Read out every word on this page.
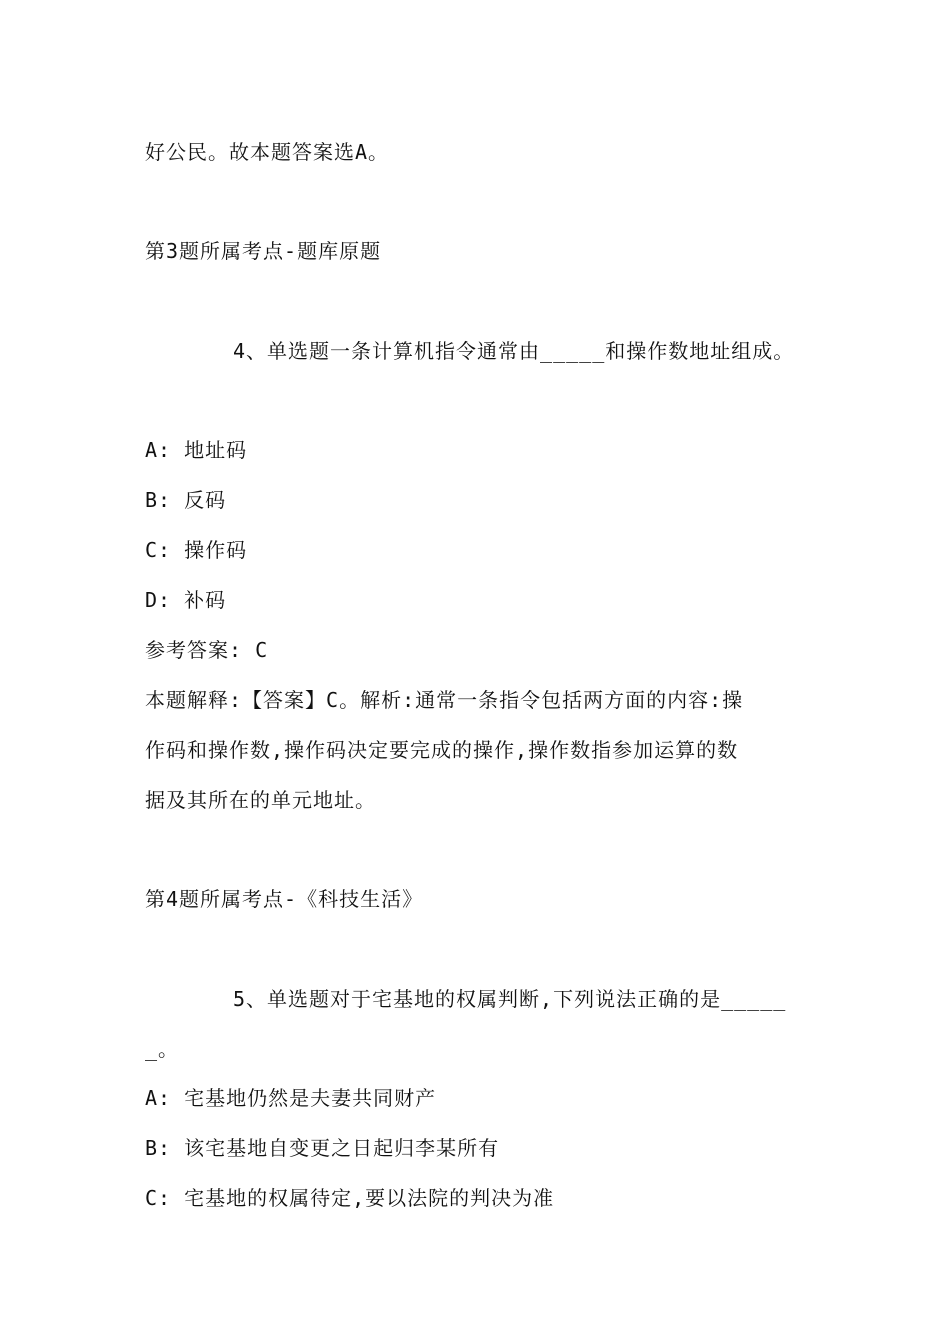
好公民。故本题答案选A。
第3题所属考点-题库原题
4、单选题一条计算机指令通常由_____和操作数地址组成。
A: 地址码
B: 反码
C: 操作码
D: 补码
参考答案: C
本题解释:【答案】C。解析:通常一条指令包括两方面的内容:操
作码和操作数,操作码决定要完成的操作,操作数指参加运算的数
据及其所在的单元地址。
第4题所属考点-《科技生活》
5、单选题对于宅基地的权属判断,下列说法正确的是_____
_。
A: 宅基地仍然是夫妻共同财产
B: 该宅基地自变更之日起归李某所有
C: 宅基地的权属待定,要以法院的判决为准
